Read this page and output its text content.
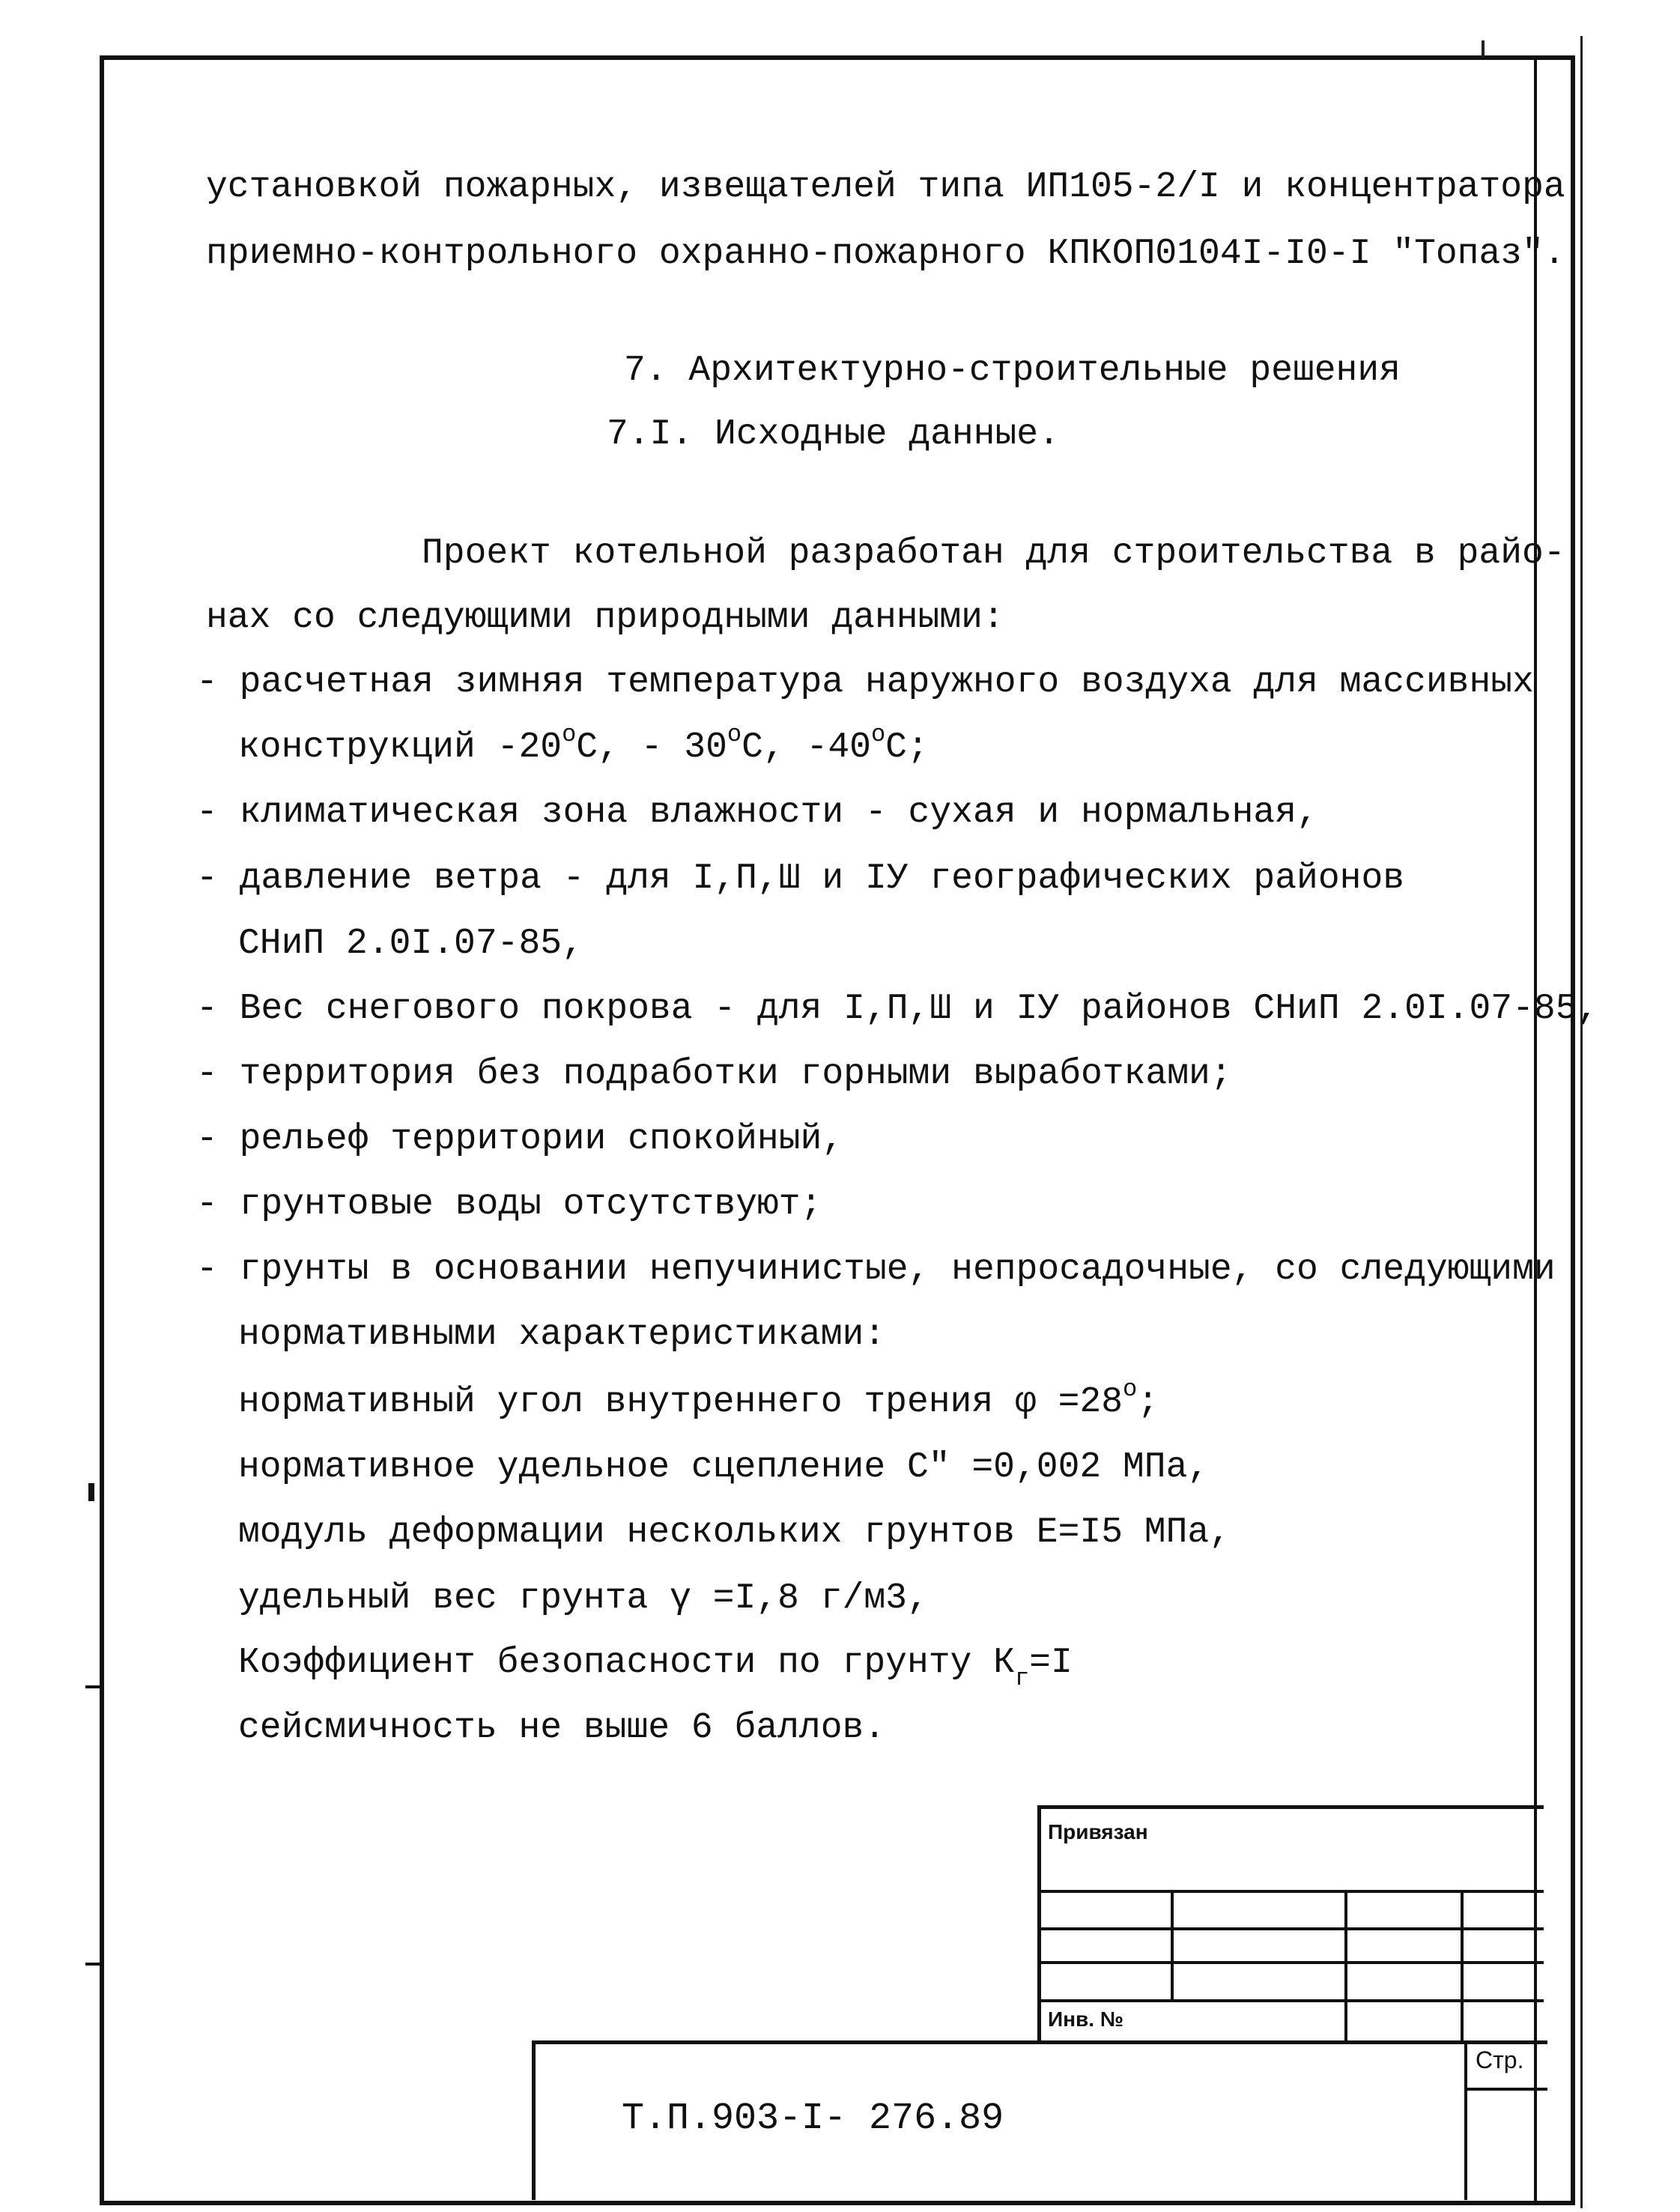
установкой пожарных, извещателей типа ИП105-2/I и концентратора
приемно-контрольного охранно-пожарного КПКОП0104I-I0-I "Топаз".
7. Архитектурно-строительные решения
7.I. Исходные данные.
Проект котельной разработан для строительства в райо-
нах со следующими природными данными:
- расчетная зимняя температура наружного воздуха для массивных
конструкций $-20^оС$, - $30^оС$, $-40^оС$;
- климатическая зона влажности - сухая и нормальная,
- давление ветра - для I,П,Ш и IУ географических районов
СНиП 2.0I.07-85,
- Вес снегового покрова - для I,П,Ш и IУ районов СНиП 2.0I.07-85,
- территория без подработки горными выработками;
- рельеф территории спокойный,
- грунтовые воды отсутствуют;
- грунты в основании непучинистые, непросадочные, со следующими
нормативными характеристиками:
нормативный угол внутреннего трения $\varphi =28^о$;
нормативное удельное сцепление С" =0,002 МПа,
модуль деформации нескольких грунтов Е=I5 МПа,
удельный вес грунта γ =I,8 г/м3,
Коэффициент безопасности по грунту $К_г=I$
сейсмичность не выше 6 баллов.
Привязан
Инв. №
Т.П.903-I- 276.89
Стр.
